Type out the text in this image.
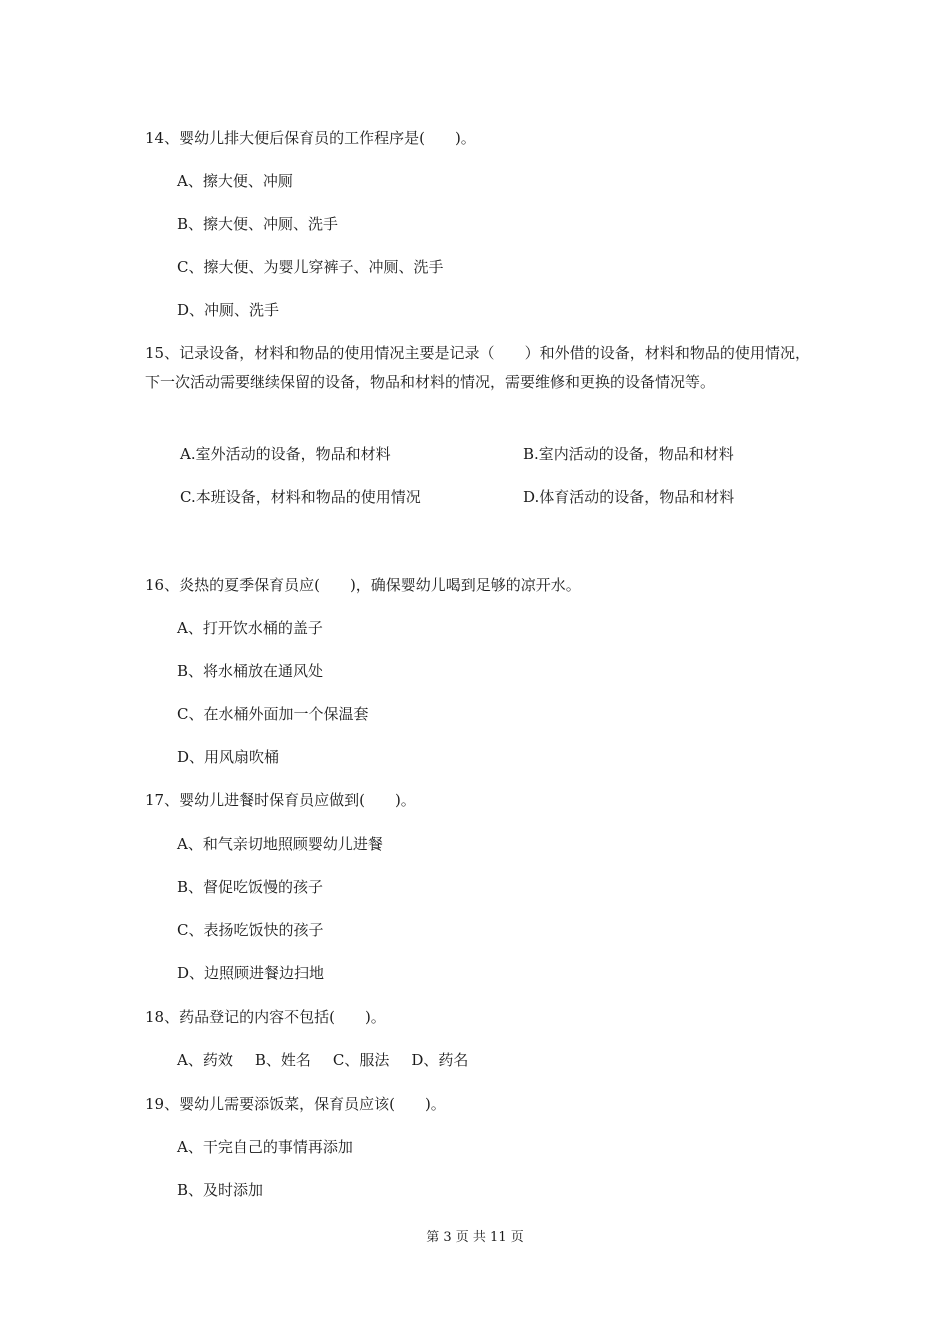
14、婴幼儿排大便后保育员的工作程序是(　　)。
A、擦大便、冲厕
B、擦大便、冲厕、洗手
C、擦大便、为婴儿穿裤子、冲厕、洗手
D、冲厕、洗手
15、记录设备，材料和物品的使用情况主要是记录（　　）和外借的设备，材料和物品的使用情况，下一次活动需要继续保留的设备，物品和材料的情况，需要维修和更换的设备情况等。
A.室外活动的设备，物品和材料	B.室内活动的设备，物品和材料
C.本班设备，材料和物品的使用情况	D.体育活动的设备，物品和材料
16、炎热的夏季保育员应(　　)，确保婴幼儿喝到足够的凉开水。
A、打开饮水桶的盖子
B、将水桶放在通风处
C、在水桶外面加一个保温套
D、用风扇吹桶
17、婴幼儿进餐时保育员应做到(　　)。
A、和气亲切地照顾婴幼儿进餐
B、督促吃饭慢的孩子
C、表扬吃饭快的孩子
D、边照顾进餐边扫地
18、药品登记的内容不包括(　　)。
A、药效 B、姓名 C、服法 D、药名
19、婴幼儿需要添饭菜，保育员应该(　　)。
A、干完自己的事情再添加
B、及时添加
第 3 页 共 11 页
